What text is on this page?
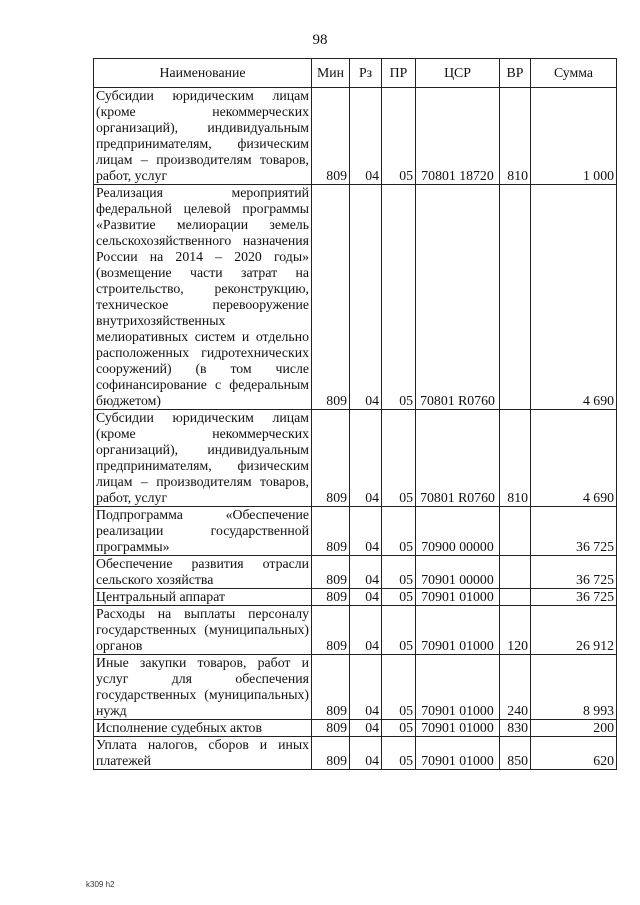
98
Наименование	Мин	Рз	ПР	ЦСР	ВР	Сумма
Субсидии юридическим лицам (кроме некоммерческих организаций), индивидуальным предпринимателям, физическим лицам – производителям товаров, работ, услуг	809	04	05	70801 18720	810	1 000
Реализация мероприятий федеральной целевой программы «Развитие мелиорации земель сельскохозяйственного назначения России на 2014 – 2020 годы» (возмещение части затрат на строительство, реконструкцию, техническое перевооружение внутрихозяйственных мелиоративных систем и отдельно расположенных гидротехнических сооружений) (в том числе софинансирование с федеральным бюджетом)	809	04	05	70801 R0760		4 690
Субсидии юридическим лицам (кроме некоммерческих организаций), индивидуальным предпринимателям, физическим лицам – производителям товаров, работ, услуг	809	04	05	70801 R0760	810	4 690
Подпрограмма «Обеспечение реализации государственной программы»	809	04	05	70900 00000		36 725
Обеспечение развития отрасли сельского хозяйства	809	04	05	70901 00000		36 725
Центральный аппарат	809	04	05	70901 01000		36 725
Расходы на выплаты персоналу государственных (муниципальных) органов	809	04	05	70901 01000	120	26 912
Иные закупки товаров, работ и услуг для обеспечения государственных (муниципальных) нужд	809	04	05	70901 01000	240	8 993
Исполнение судебных актов	809	04	05	70901 01000	830	200
Уплата налогов, сборов и иных платежей	809	04	05	70901 01000	850	620
k309 h2
